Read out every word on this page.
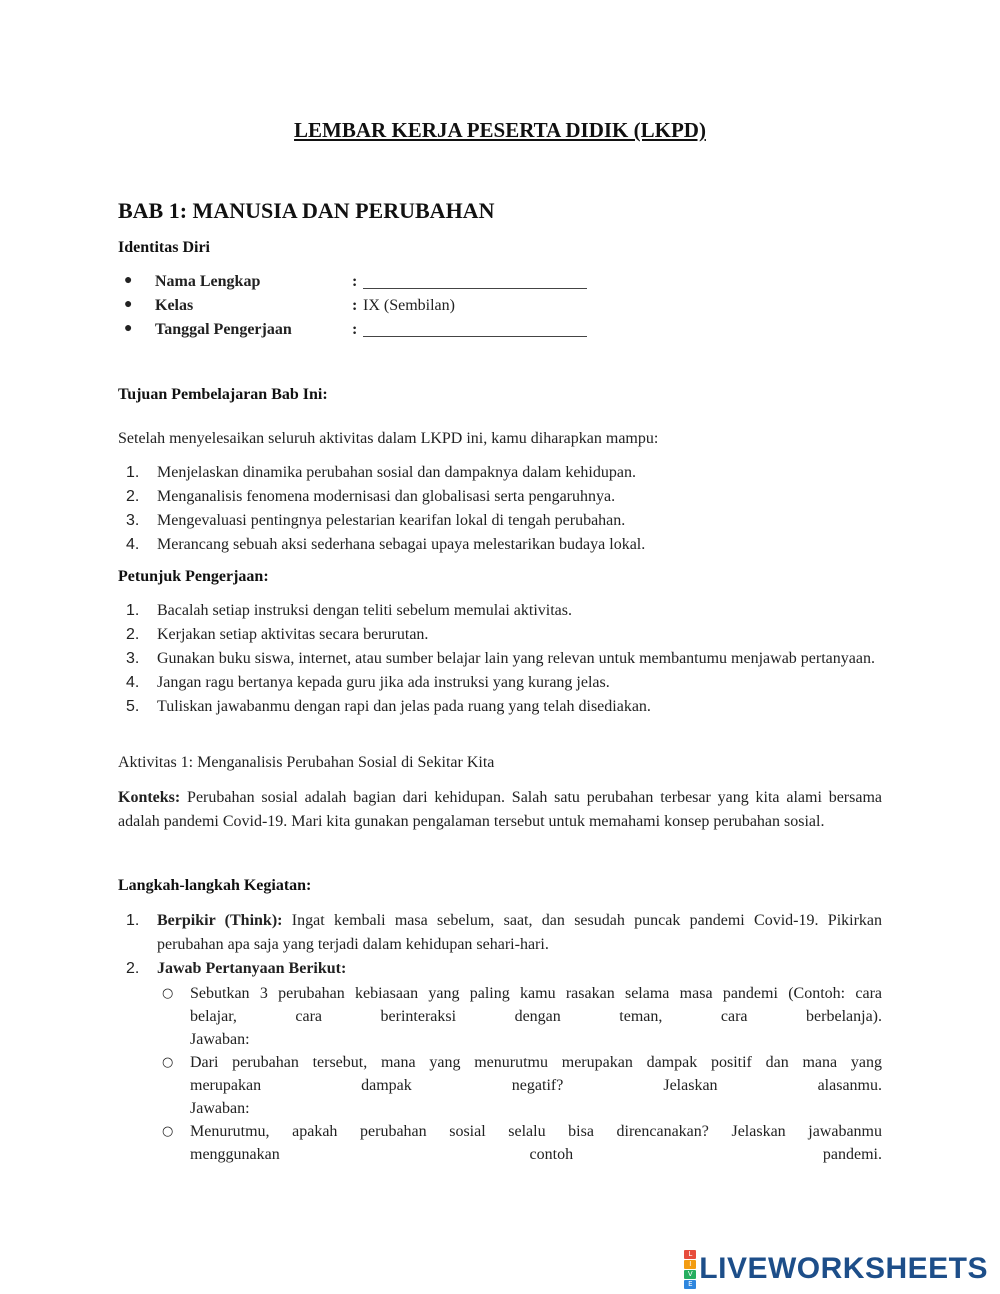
LEMBAR KERJA PESERTA DIDIK (LKPD)
BAB 1: MANUSIA DAN PERUBAHAN
Identitas Diri
● Nama Lengkap	:
● Kelas	: IX (Sembilan)
● Tanggal Pengerjaan	:
Tujuan Pembelajaran Bab Ini:
Setelah menyelesaikan seluruh aktivitas dalam LKPD ini, kamu diharapkan mampu:
1. Menjelaskan dinamika perubahan sosial dan dampaknya dalam kehidupan.
2. Menganalisis fenomena modernisasi dan globalisasi serta pengaruhnya.
3. Mengevaluasi pentingnya pelestarian kearifan lokal di tengah perubahan.
4. Merancang sebuah aksi sederhana sebagai upaya melestarikan budaya lokal.
Petunjuk Pengerjaan:
1. Bacalah setiap instruksi dengan teliti sebelum memulai aktivitas.
2. Kerjakan setiap aktivitas secara berurutan.
3. Gunakan buku siswa, internet, atau sumber belajar lain yang relevan untuk membantumu menjawab pertanyaan.
4. Jangan ragu bertanya kepada guru jika ada instruksi yang kurang jelas.
5. Tuliskan jawabanmu dengan rapi dan jelas pada ruang yang telah disediakan.
Aktivitas 1: Menganalisis Perubahan Sosial di Sekitar Kita
Konteks: Perubahan sosial adalah bagian dari kehidupan. Salah satu perubahan terbesar yang kita alami bersama adalah pandemi Covid-19. Mari kita gunakan pengalaman tersebut untuk memahami konsep perubahan sosial.
Langkah-langkah Kegiatan:
1. Berpikir (Think): Ingat kembali masa sebelum, saat, dan sesudah puncak pandemi Covid-19. Pikirkan perubahan apa saja yang terjadi dalam kehidupan sehari-hari.
2. Jawab Pertanyaan Berikut:
○ Sebutkan 3 perubahan kebiasaan yang paling kamu rasakan selama masa pandemi (Contoh: cara
belajar, cara berinteraksi dengan teman, cara berbelanja).
Jawaban:
○ Dari perubahan tersebut, mana yang menurutmu merupakan dampak positif dan mana yang
merupakan dampak negatif? Jelaskan alasanmu.
Jawaban:
○ Menurutmu, apakah perubahan sosial selalu bisa direncanakan? Jelaskan jawabanmu
menggunakan contoh pandemi.
L
I
V
E LIVEWORKSHEETS
